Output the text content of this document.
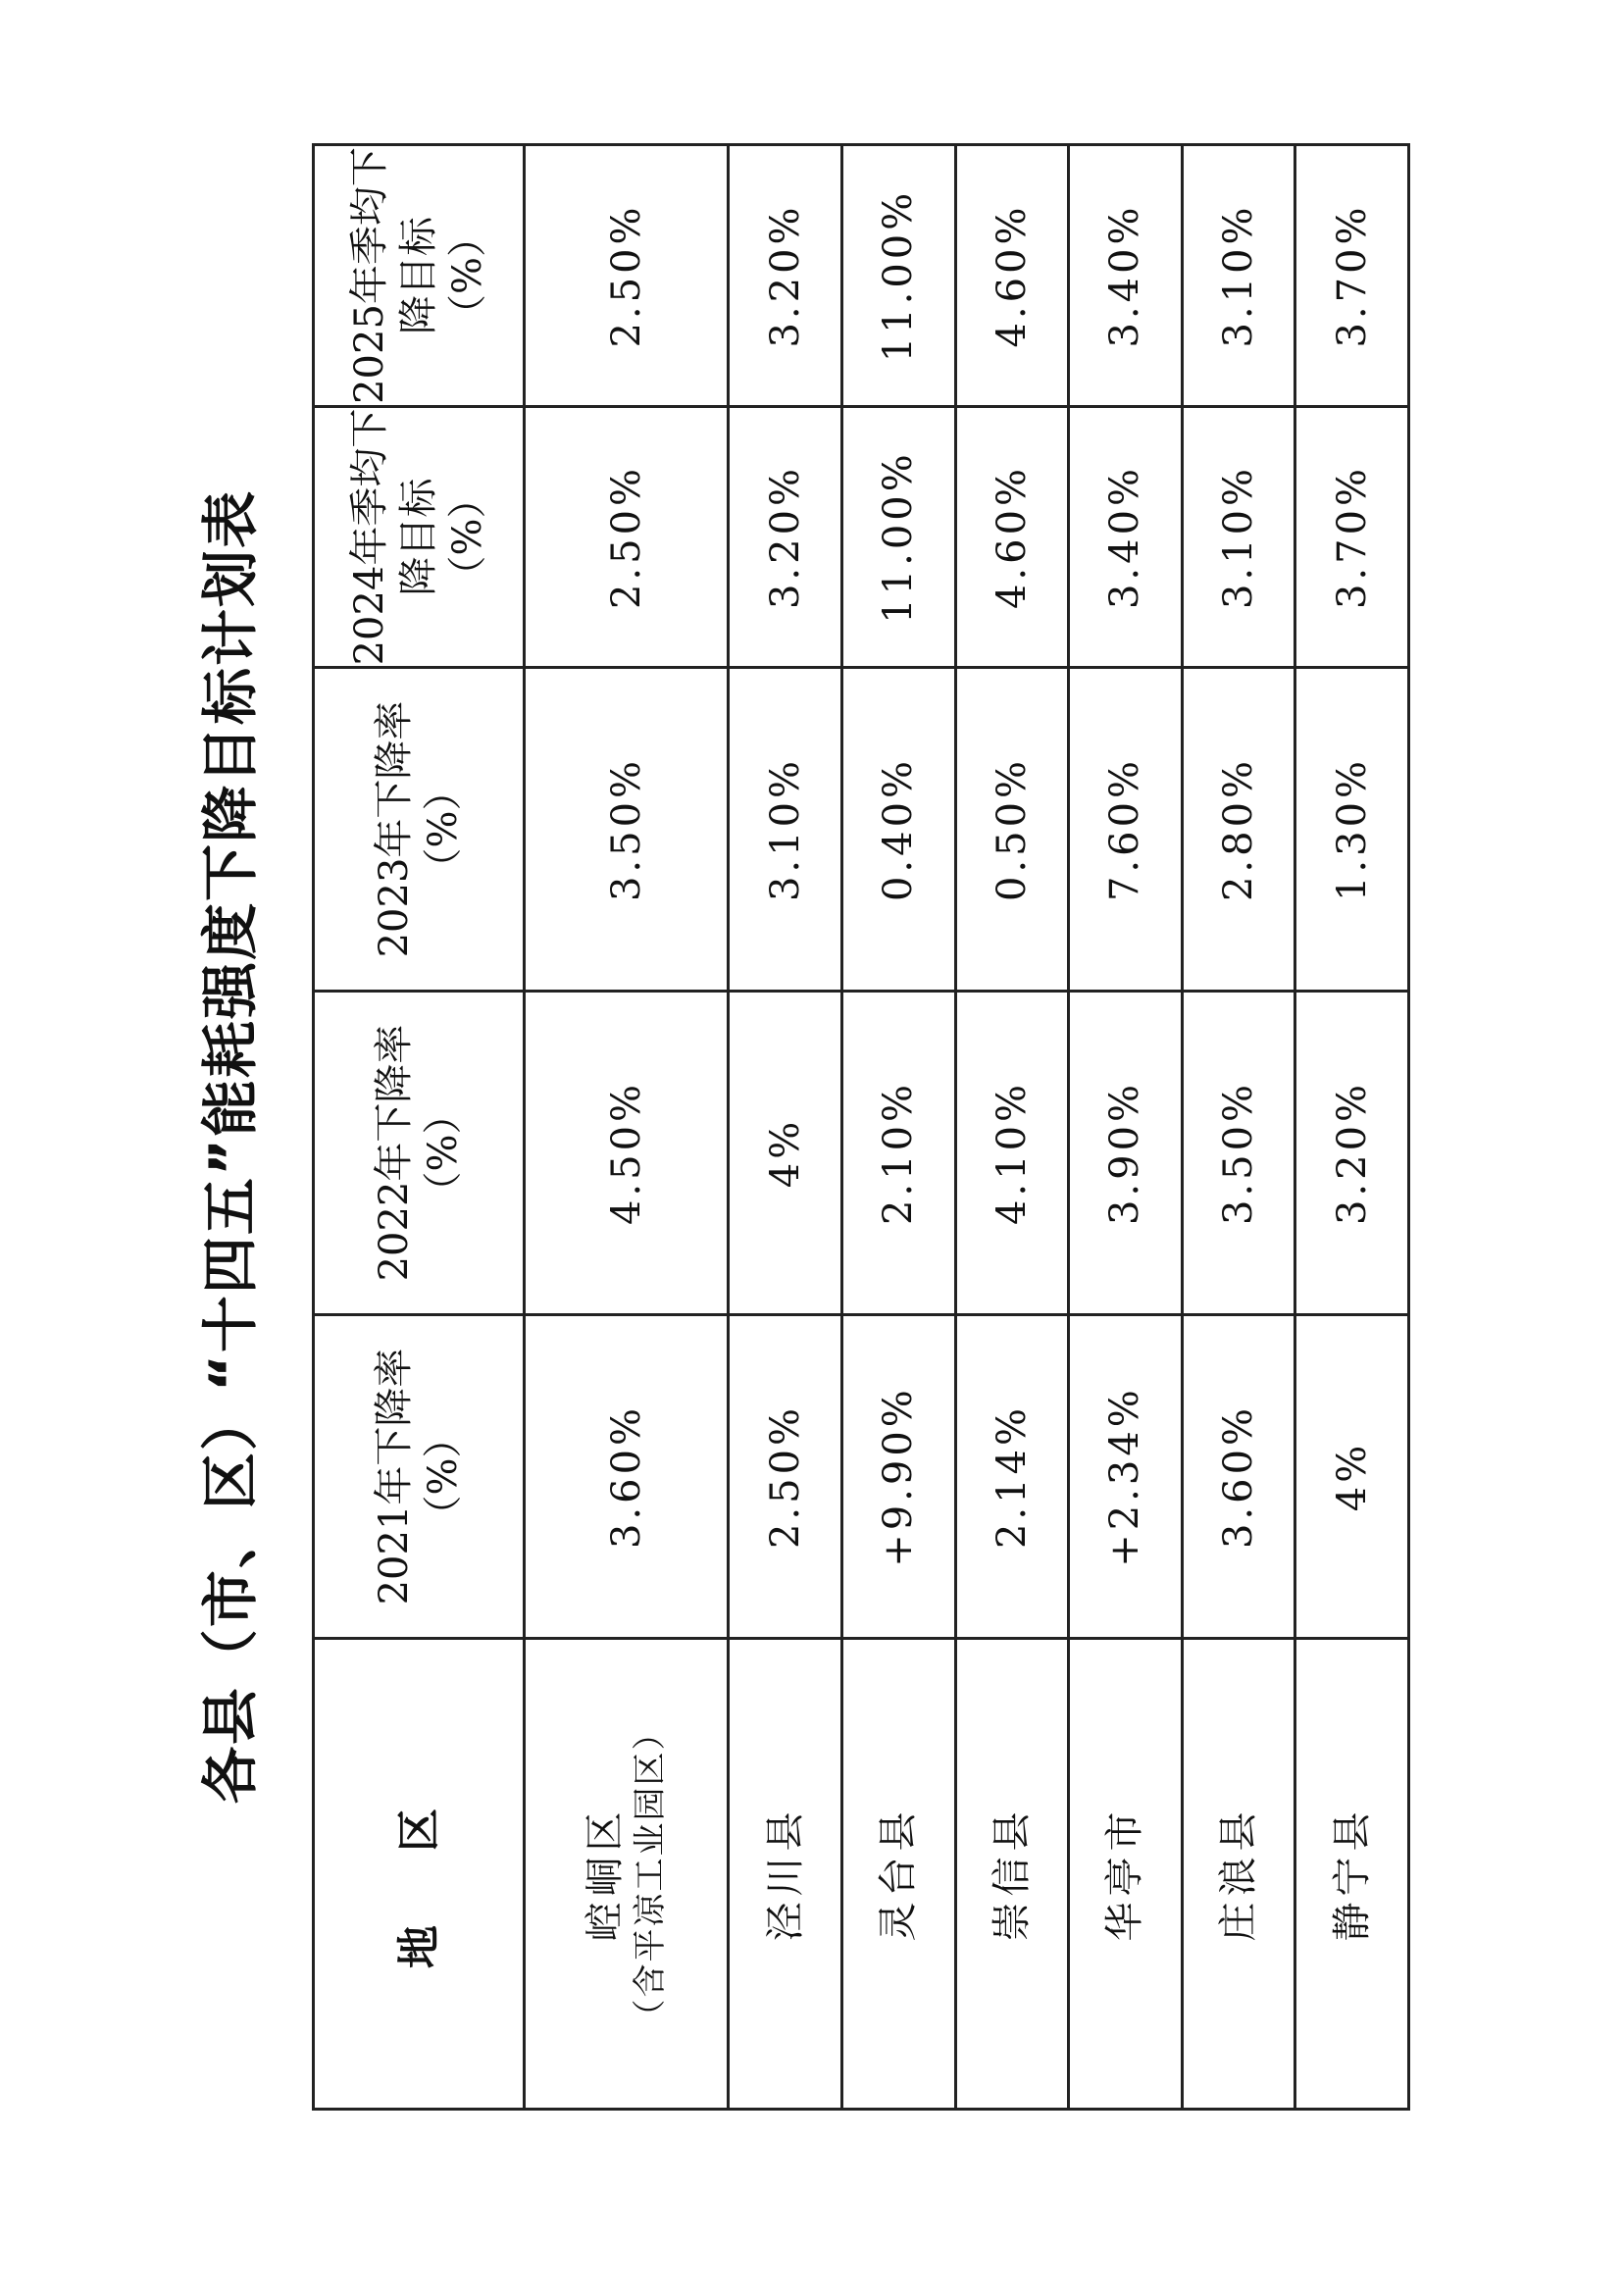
各县（市、区）“十四五”能耗强度下降目标计划表
地 区	2021年下降率 （%）	2022年下降率 （%）	2023年下降率 （%）	2024年季均下降目标 （%）	2025年季均下降目标 （%）

崆峒区 （含平凉工业园区）	3.60%	4.50%	3.50%	2.50%	2.50%
泾川县	2.50%	4%	3.10%	3.20%	3.20%
灵台县	+9.90%	2.10%	0.40%	11.00%	11.00%
崇信县	2.14%	4.10%	0.50%	4.60%	4.60%
华亭市	+2.34%	3.90%	7.60%	3.40%	3.40%
庄浪县	3.60%	3.50%	2.80%	3.10%	3.10%
静宁县	4%	3.20%	1.30%	3.70%	3.70%
